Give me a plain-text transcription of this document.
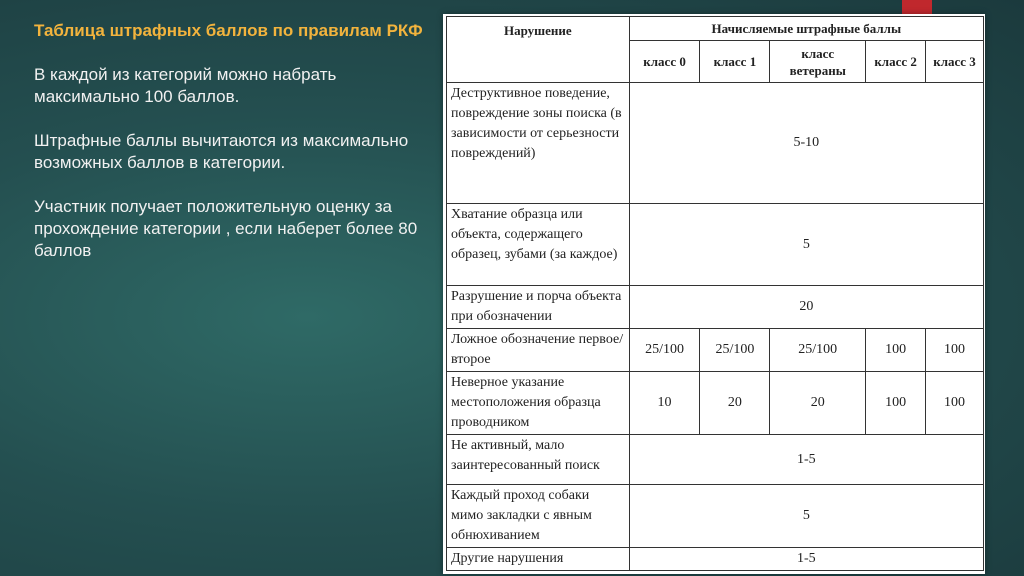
Таблица штрафных баллов по правилам РКФ
В каждой из категорий можно набрать максимально 100 баллов.
Штрафные баллы вычитаются из максимально возможных баллов в категории.
Участник получает положительную оценку за прохождение категории , если наберет более 80 баллов
Нарушение	Начисляемые штрафные баллы				
	класс 0	класс 1	класс ветераны	класс 2	класс 3
Деструктивное поведение, повреждение зоны поиска (в зависимости от серьезности повреждений)	5-10				
Хватание образца или объекта, содержащего образец, зубами (за каждое)	5				
Разрушение и порча объекта при обозначении	20				
Ложное обозначение первое/второе	25/100	25/100	25/100	100	100
Неверное указание местоположения образца проводником	10	20	20	100	100
Не активный, мало заинтересованный поиск	1-5				
Каждый проход собаки мимо закладки с явным обнюхиванием	5				
Другие нарушения	1-5				
